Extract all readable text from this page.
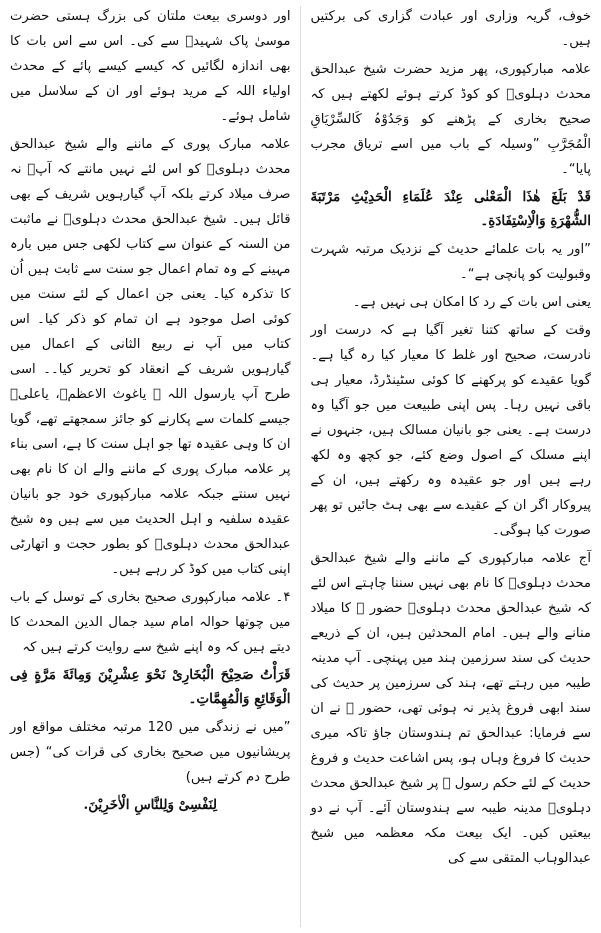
اور دوسری بیعت ملتان کی بزرگ ہستی حضرت موسیٰ پاک شہیدؒ سے کی۔ اس سے اس بات کا بھی اندازہ لگائیں کہ کیسے کیسے پائے کے محدث اولیاء اللہ کے مرید ہوئے اور ان کے سلاسل میں شامل ہوئے۔

علامہ مبارک پوری کے ماننے والے شیخ عبدالحق محدث دہلویؒ کو اس لئے نہیں مانتے کہ آپؒ نہ صرف میلاد کرتے بلکہ آپ گیارہویں شریف کے بھی قائل ہیں۔ شیخ عبدالحق محدث دہلویؒ نے ماثبت من السنہ کے عنوان سے کتاب لکھی جس میں بارہ مہینے کے وہ تمام اعمال جو سنت سے ثابت ہیں اُن کا تذکرہ کیا۔ یعنی جن اعمال کے لئے سنت میں کوئی اصل موجود ہے ان تمام کو ذکر کیا۔ اس کتاب میں آپ نے ربیع الثانی کے اعمال میں گیارہویں شریف کے انعقاد کو تحریر کیا۔۔ اسی طرح آپ یارسول اللہ ﷺ یاغوث الاعظمؒ، یاعلیؓ جیسے کلمات سے پکارنے کو جائز سمجھتے تھے، گویا ان کا وہی عقیدہ تھا جو اہل سنت کا ہے، اسی بناء پر علامہ مبارک پوری کے ماننے والے ان کا نام بھی نہیں سنتے جبکہ علامہ مبارکپوری خود جو بانیان عقیدہ سلفیہ و اہل الحدیث میں سے ہیں وہ شیخ عبدالحق محدث دہلویؒ کو بطور حجت و اتھارٹی اپنی کتاب میں کوڈ کر رہے ہیں۔

۴۔ علامہ مبارکپوری صحیح بخاری کے توسل کے باب میں چوتھا حوالہ امام سید جمال الدین المحدث کا دیتے ہیں کہ وہ اپنے شیخ سے روایت کرتے ہیں کہ

قَرَأْتُ صَحِیْحَ الْبُخَارِیْ نَحْوَ عِشْرِیْنَ وَمِائَةَ مَرَّةٍ فِی الْوَقَائِعِ وَالْمُھِمَّاتِ۔

”میں نے زندگی میں 120 مرتبہ مختلف مواقع اور پریشانیوں میں صحیح بخاری کی قرات کی“ (جس طرح دم کرتے ہیں)

لِنَفْسِیْ وَلِلنَّاسِ الْاٰخَرِیْنَ.

خوف، گریہ وزاری اور عبادت گزاری کی برکتیں ہیں۔

علامہ مبارکپوری، پھر مزید حضرت شیخ عبدالحق محدث دہلویؒ کو کوڈ کرتے ہوئے لکھتے ہیں کہ صحیح بخاری کے پڑھنے کو وَجَدُوْہُ کَالسِّرْیَاقِ الْمُجَرَّبِ ”وسیلہ کے باب میں اسے تریاق مجرب پایا“۔

قَدْ بَلَغَ ھٰذَا الْمَعْنٰی عِنْدَ عُلَمَاءِ الْحَدِیْثِ مَرْتَبَةَ الشُّھْرَةِ وَالْاِسْتِفَادَةِ۔

”اور یہ بات علمائے حدیث کے نزدیک مرتبہ شہرت وقبولیت کو پانچی ہے“۔

یعنی اس بات کے رد کا امکان ہی نہیں ہے۔

وقت کے ساتھ کتنا تغیر آگیا ہے کہ درست اور نادرست، صحیح اور غلط کا معیار کیا رہ گیا ہے۔ گویا عقیدے کو پرکھنے کا کوئی سٹینڈرڈ، معیار ہی باقی نہیں رہا۔ پس اپنی طبیعت میں جو آگیا وہ درست ہے۔ یعنی جو بانیان مسالک ہیں، جنہوں نے اپنے مسلک کے اصول وضع کئے، جو کچھ وہ لکھ رہے ہیں اور جو عقیدہ وہ رکھتے ہیں، ان کے پیروکار اگر ان کے عقیدے سے بھی ہٹ جائیں تو پھر صورت کیا ہوگی۔

آج علامہ مبارکپوری کے ماننے والے شیخ عبدالحق محدث دہلویؒ کا نام بھی نہیں سننا چاہتے اس لئے کہ شیخ عبدالحق محدث دہلویؒ حضور ﷺ کا میلاد منانے والے ہیں۔ امام المحدثین ہیں، ان کے ذریعے حدیث کی سند سرزمین ہند میں پہنچی۔ آپ مدینہ طیبہ میں رہتے تھے، ہند کی سرزمین پر حدیث کی سند ابھی فروغ پذیر نہ ہوئی تھی، حضور ﷺ نے ان سے فرمایا: عبدالحق تم ہندوستان جاؤ تاکہ میری حدیث کا فروغ وہاں ہو، پس اشاعت حدیث و فروغ حدیث کے لئے حکم رسول ﷺ پر شیخ عبدالحق محدث دہلویؒ مدینہ طیبہ سے ہندوستان آئے۔ آپ نے دو بیعتیں کیں۔ ایک بیعت مکہ معظمہ میں شیخ عبدالوہاب المتقی سے کی
